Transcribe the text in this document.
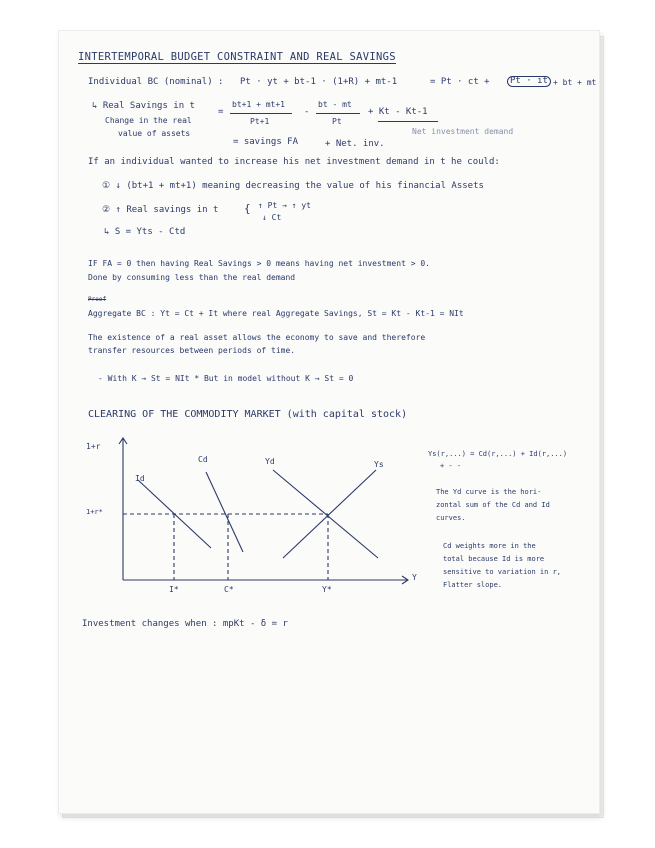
INTERTEMPORAL BUDGET CONSTRAINT AND REAL SAVINGS
Individual BC (nominal) : Pt · yt + bt-1 · (1+R) + mt-1	= Pt · ct +	Pt · it + bt + mt
↳ Real Savings in t
Change in the real
value of assets
=
bt+1 + mt+1
Pt+1
-
bt - mt
Pt
+ Kt - Kt-1
Net investment demand
= savings FA	+ Net. inv.
If an individual wanted to increase his net investment demand in t he could:
① ↓ (bt+1 + mt+1) meaning decreasing the value of his financial Assets
② ↑ Real savings in t { ↑ Pt → ↑ yt
↓ Ct
↳ S = Yts - Ctd
IF FA = 0 then having Real Savings > 0 means having net investment > 0.
Done by consuming less than the real demand
Proof
Aggregate BC : Yt = Ct + It where real Aggregate Savings, St = Kt - Kt-1 = NIt
The existence of a real asset allows the economy to save and therefore
transfer resources between periods of time.
- With K → St = NIt * But in model without K → St = 0
CLEARING OF THE COMMODITY MARKET (with capital stock)
1+r
Y
1+r*
Id
Cd	Yd	Ys
I*	C*	Y*
Ys(r,...) = Cd(r,...) + Id(r,...)
+ - -
The Yd curve is the hori-
zontal sum of the Cd and Id
curves.
Cd weights more in the
total because Id is more
sensitive to variation in r,
Flatter slope.
Investment changes when : mpKt - δ = r
